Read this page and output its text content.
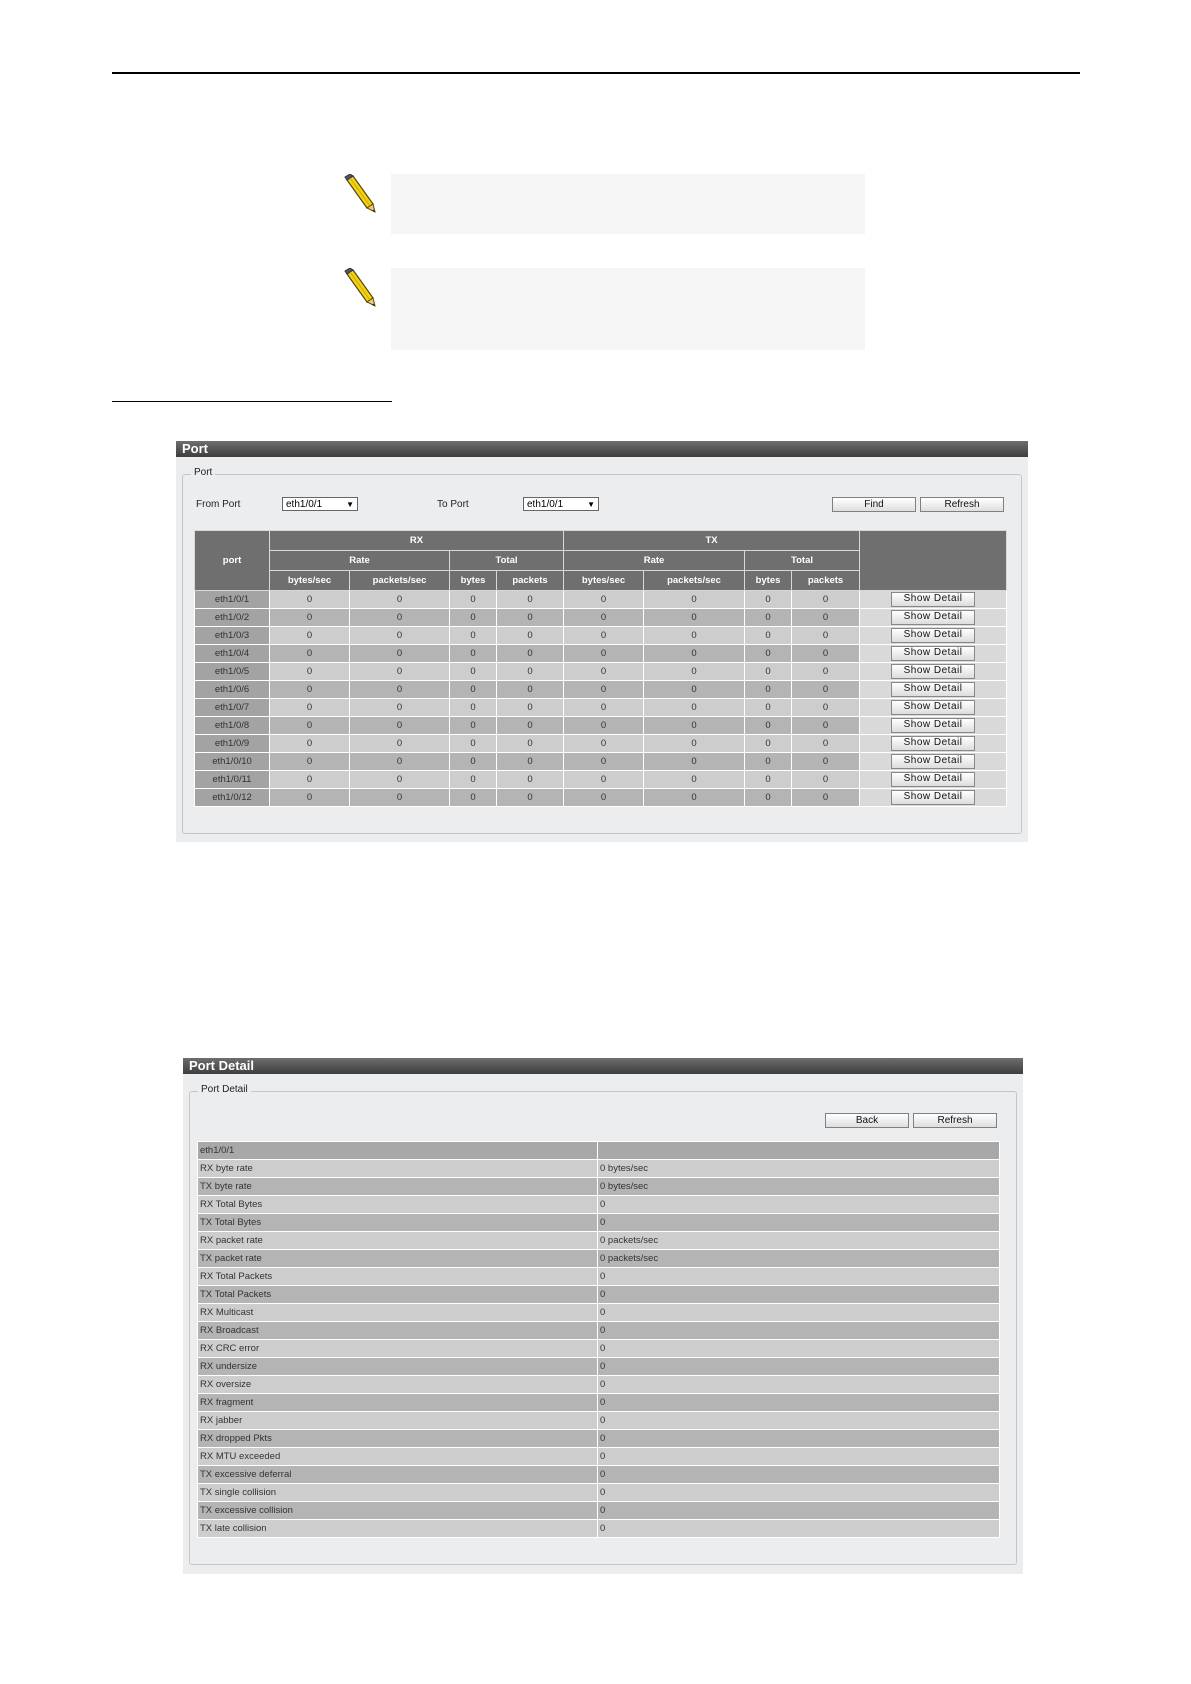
Port
Port
From Port	eth1/0/1	▼	To Port	eth1/0/1	▼	Find	Refresh
port	RX				TX				
	Rate		Total		Rate		Total		
	bytes/sec	packets/sec	bytes	packets	bytes/sec	packets/sec	bytes	packets	
eth1/0/1	0	0	0	0	0	0	0	0	Show Detail
eth1/0/2	0	0	0	0	0	0	0	0	Show Detail
eth1/0/3	0	0	0	0	0	0	0	0	Show Detail
eth1/0/4	0	0	0	0	0	0	0	0	Show Detail
eth1/0/5	0	0	0	0	0	0	0	0	Show Detail
eth1/0/6	0	0	0	0	0	0	0	0	Show Detail
eth1/0/7	0	0	0	0	0	0	0	0	Show Detail
eth1/0/8	0	0	0	0	0	0	0	0	Show Detail
eth1/0/9	0	0	0	0	0	0	0	0	Show Detail
eth1/0/10	0	0	0	0	0	0	0	0	Show Detail
eth1/0/11	0	0	0	0	0	0	0	0	Show Detail
eth1/0/12	0	0	0	0	0	0	0	0	Show Detail
Port Detail
Port Detail
Back	Refresh
eth1/0/1	
RX byte rate	0 bytes/sec
TX byte rate	0 bytes/sec
RX Total Bytes	0
TX Total Bytes	0
RX packet rate	0 packets/sec
TX packet rate	0 packets/sec
RX Total Packets	0
TX Total Packets	0
RX Multicast	0
RX Broadcast	0
RX CRC error	0
RX undersize	0
RX oversize	0
RX fragment	0
RX jabber	0
RX dropped Pkts	0
RX MTU exceeded	0
TX excessive deferral	0
TX single collision	0
TX excessive collision	0
TX late collision	0
